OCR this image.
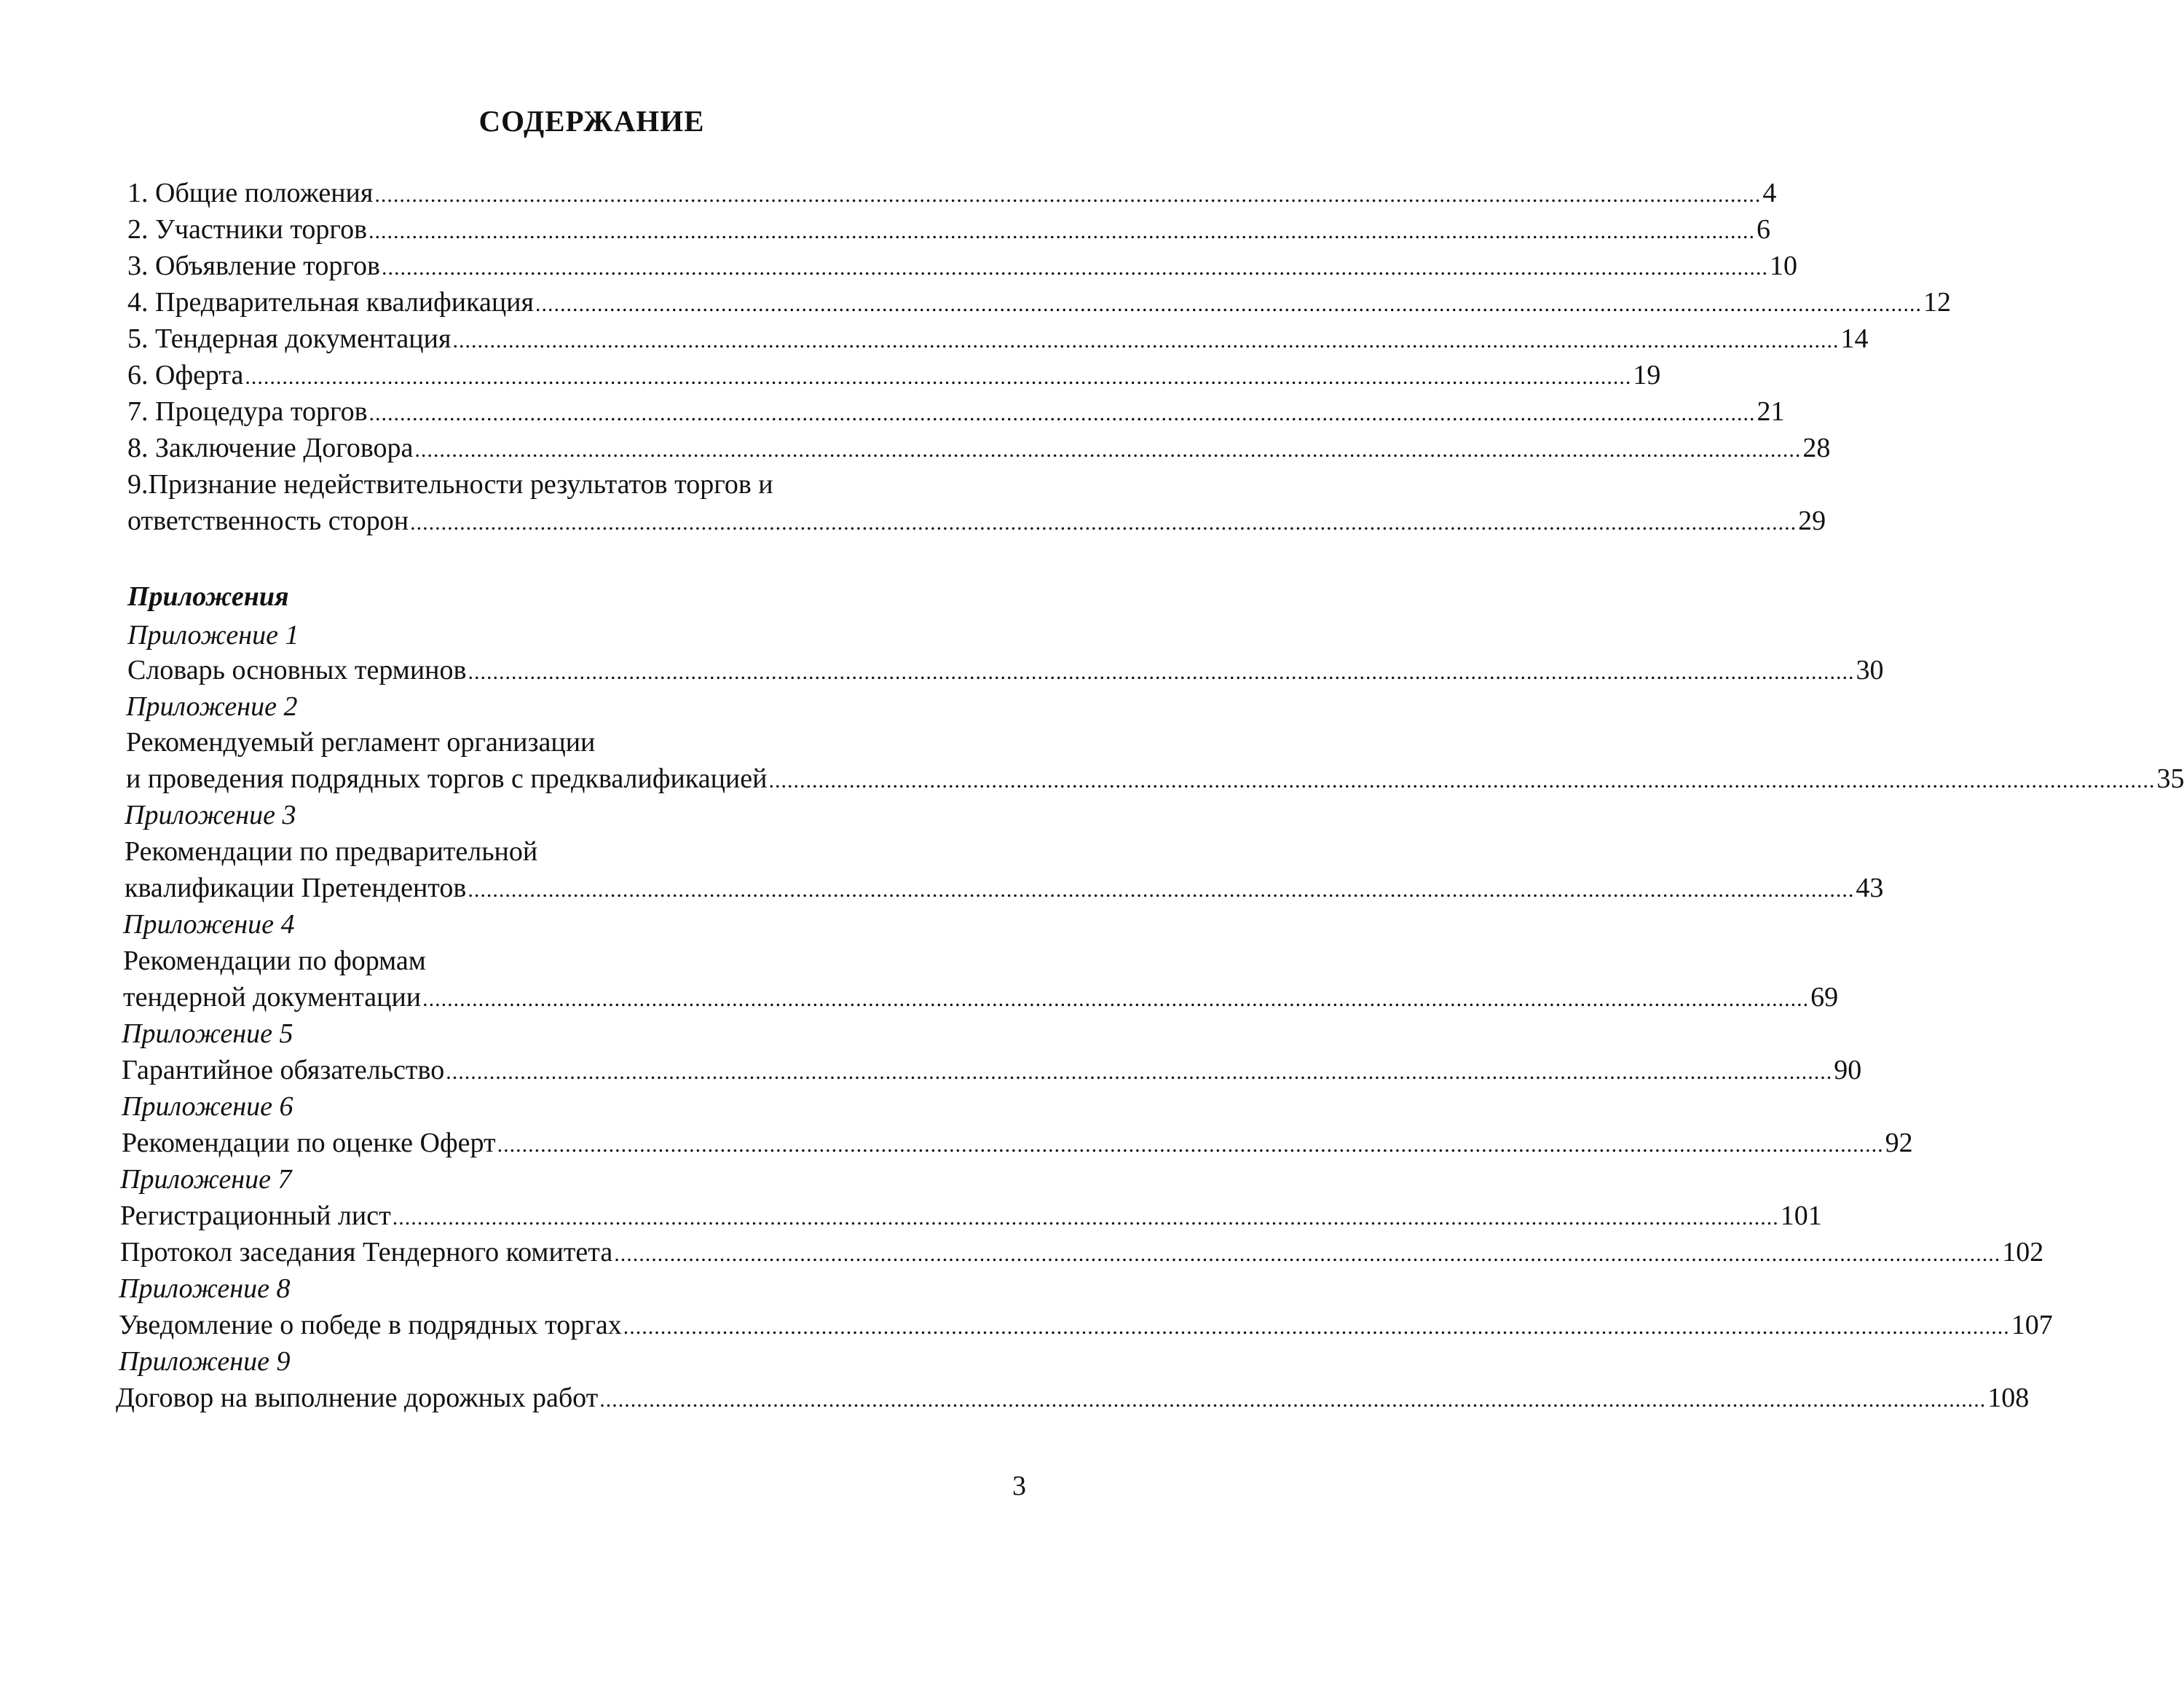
СОДЕРЖАНИЕ
1. Общие положения ................................................................................................................................................................................................................................ 4
2. Участники торгов ................................................................................................................................................................................................................................ 6
3. Объявление торгов ................................................................................................................................................................................................................................ 10
4. Предварительная квалификация ................................................................................................................................................................................................................................ 12
5. Тендерная документация ................................................................................................................................................................................................................................ 14
6. Оферта ................................................................................................................................................................................................................................ 19
7. Процедура торгов ................................................................................................................................................................................................................................ 21
8. Заключение Договора ................................................................................................................................................................................................................................ 28
9.Признание недействительности результатов торгов и
ответственность сторон ................................................................................................................................................................................................................................ 29
Приложения
Приложение 1
Словарь основных терминов ................................................................................................................................................................................................................................ 30
Приложение 2
Рекомендуемый регламент организации
и проведения подрядных торгов с предквалификацией ................................................................................................................................................................................................................................ 35
Приложение 3
Рекомендации по предварительной
квалификации Претендентов ................................................................................................................................................................................................................................ 43
Приложение 4
Рекомендации по формам
тендерной документации ................................................................................................................................................................................................................................ 69
Приложение 5
Гарантийное обязательство ................................................................................................................................................................................................................................ 90
Приложение 6
Рекомендации по оценке Оферт ................................................................................................................................................................................................................................ 92
Приложение 7
Регистрационный лист ................................................................................................................................................................................................................................ 101
Протокол заседания Тендерного комитета ................................................................................................................................................................................................................................ 102
Приложение 8
Уведомление о победе в подрядных торгах ................................................................................................................................................................................................................................ 107
Приложение 9
Договор на выполнение дорожных работ ................................................................................................................................................................................................................................ 108
3
